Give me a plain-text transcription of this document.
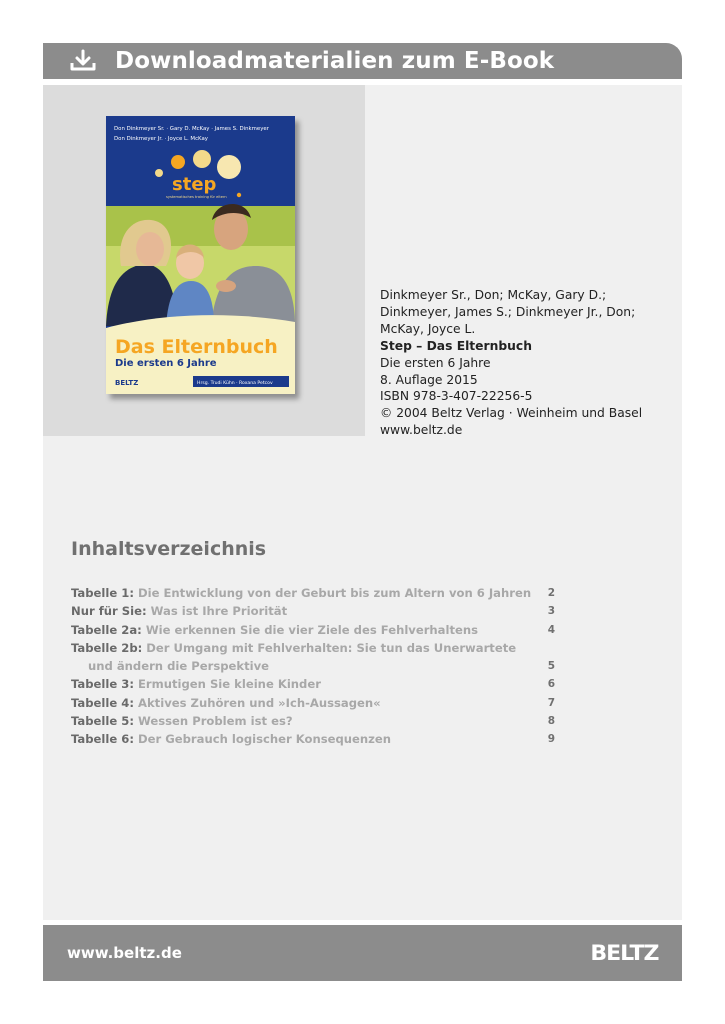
Downloadmaterialien zum E-Book
Don Dinkmeyer Sr. · Gary D. McKay · James S. Dinkmeyer
Don Dinkmeyer Jr. · Joyce L. McKay
step
systematisches training für eltern
Das Elternbuch
Die ersten 6 Jahre
BELTZ	Hrsg. Trudi Kühn · Roxana Petcov
Dinkmeyer Sr., Don; McKay, Gary D.;
Dinkmeyer, James S.; Dinkmeyer Jr., Don;
McKay, Joyce L.
Step – Das Elternbuch
Die ersten 6 Jahre
8. Auflage 2015
ISBN 978-3-407-22256-5
© 2004 Beltz Verlag · Weinheim und Basel
www.beltz.de
Inhaltsverzeichnis
Tabelle 1: Die Entwicklung von der Geburt bis zum Altern von 6 Jahren	2
Nur für Sie: Was ist Ihre Priorität	3
Tabelle 2a: Wie erkennen Sie die vier Ziele des Fehlverhaltens	4
Tabelle 2b: Der Umgang mit Fehlverhalten: Sie tun das Unerwartete
und ändern die Perspektive	5
Tabelle 3: Ermutigen Sie kleine Kinder	6
Tabelle 4: Aktives Zuhören und »Ich-Aussagen«	7
Tabelle 5: Wessen Problem ist es?	8
Tabelle 6: Der Gebrauch logischer Konsequenzen	9
www.beltz.de	BELTZ
